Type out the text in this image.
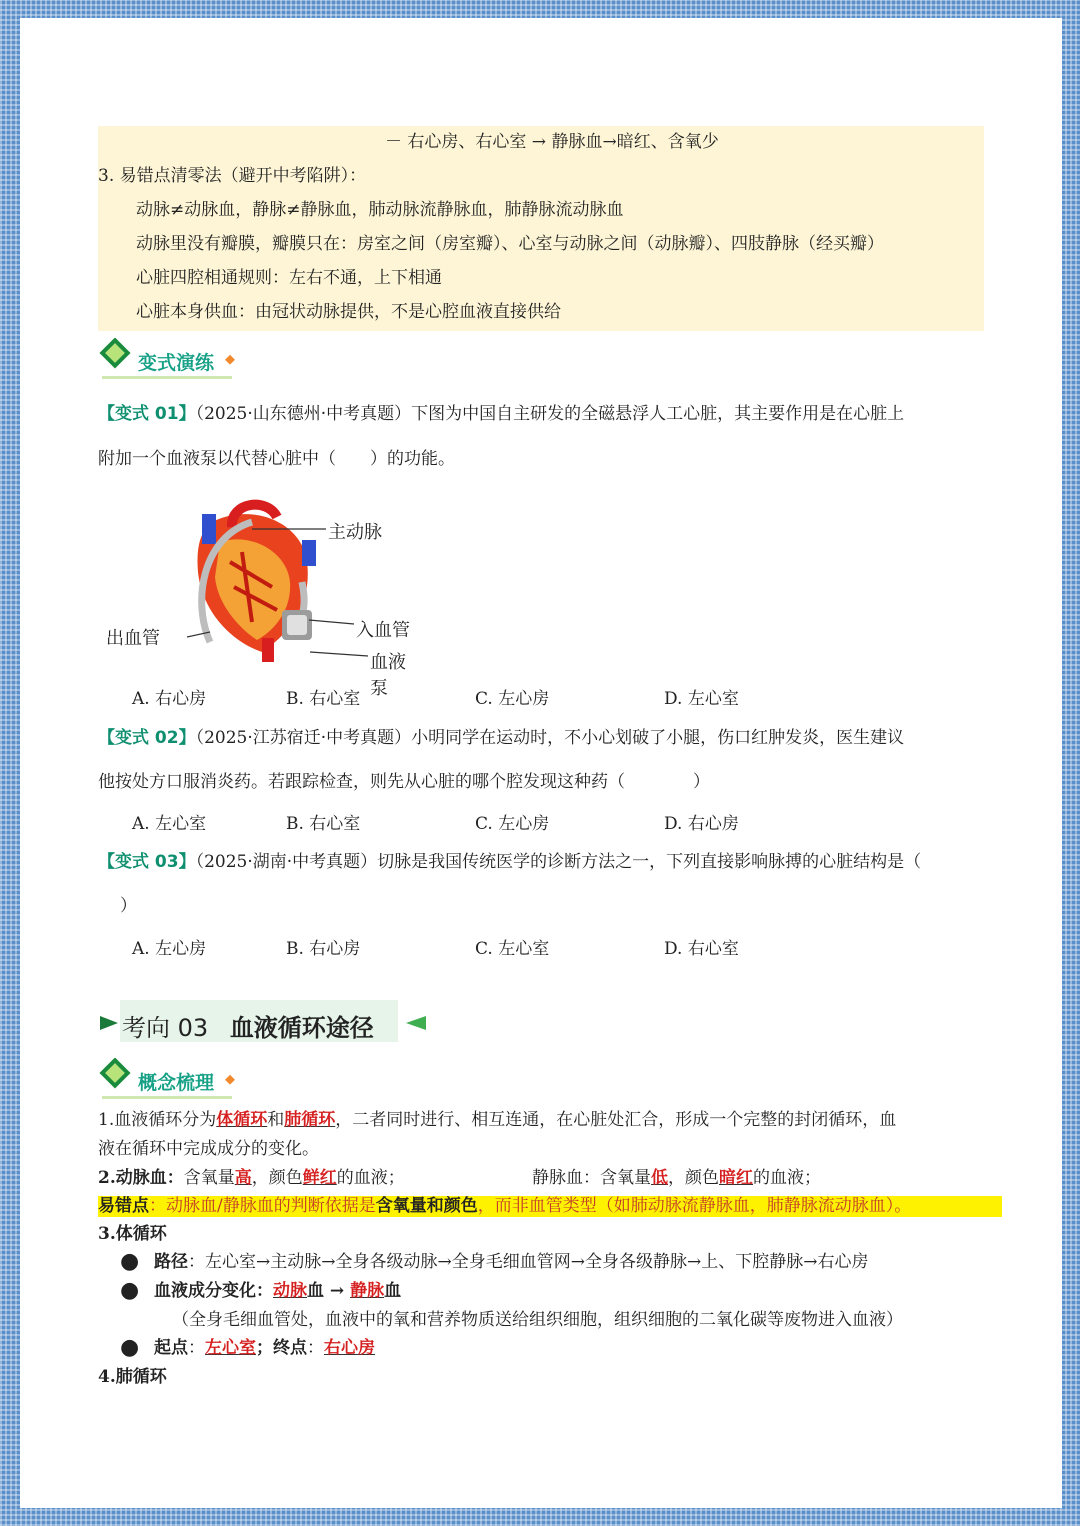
－ 右心房、右心室 → 静脉血→暗红、含氧少
3. 易错点清零法（避开中考陷阱）：
动脉≠动脉血，静脉≠静脉血，肺动脉流静脉血，肺静脉流动脉血
动脉里没有瓣膜，瓣膜只在：房室之间（房室瓣）、心室与动脉之间（动脉瓣）、四肢静脉（经买瓣）
心脏四腔相通规则：左右不通，上下相通
心脏本身供血：由冠状动脉提供，不是心腔血液直接供给
变式演练
【变式 01】（2025·山东德州·中考真题）下图为中国自主研发的全磁悬浮人工心脏，其主要作用是在心脏上
附加一个血液泵以代替心脏中（　　）的功能。
主动脉
出血管	入血管
血液泵
A. 右心房	B. 右心室	C. 左心房	D. 左心室
【变式 02】（2025·江苏宿迁·中考真题）小明同学在运动时，不小心划破了小腿，伤口红肿发炎，医生建议
他按处方口服消炎药。若跟踪检查，则先从心脏的哪个腔发现这种药（　　　　）
A. 左心室	B. 右心室	C. 左心房	D. 右心房
【变式 03】（2025·湖南·中考真题）切脉是我国传统医学的诊断方法之一，下列直接影响脉搏的心脏结构是（
）
A. 左心房	B. 右心房	C. 左心室	D. 右心室
考向 03 血液循环途径
概念梳理
1.血液循环分为体循环和肺循环，二者同时进行、相互连通，在心脏处汇合，形成一个完整的封闭循环，血
液在循环中完成成分的变化。
2.动脉血：含氧量高，颜色鲜红的血液；	静脉血：含氧量低，颜色暗红的血液；
易错点：动脉血/静脉血的判断依据是含氧量和颜色，而非血管类型（如肺动脉流静脉血，肺静脉流动脉血）。
3.体循环
● 路径：左心室→主动脉→全身各级动脉→全身毛细血管网→全身各级静脉→上、下腔静脉→右心房
● 血液成分变化：动脉血 → 静脉血
（全身毛细血管处，血液中的氧和营养物质送给组织细胞，组织细胞的二氧化碳等废物进入血液）
● 起点：左心室；终点：右心房
4.肺循环
